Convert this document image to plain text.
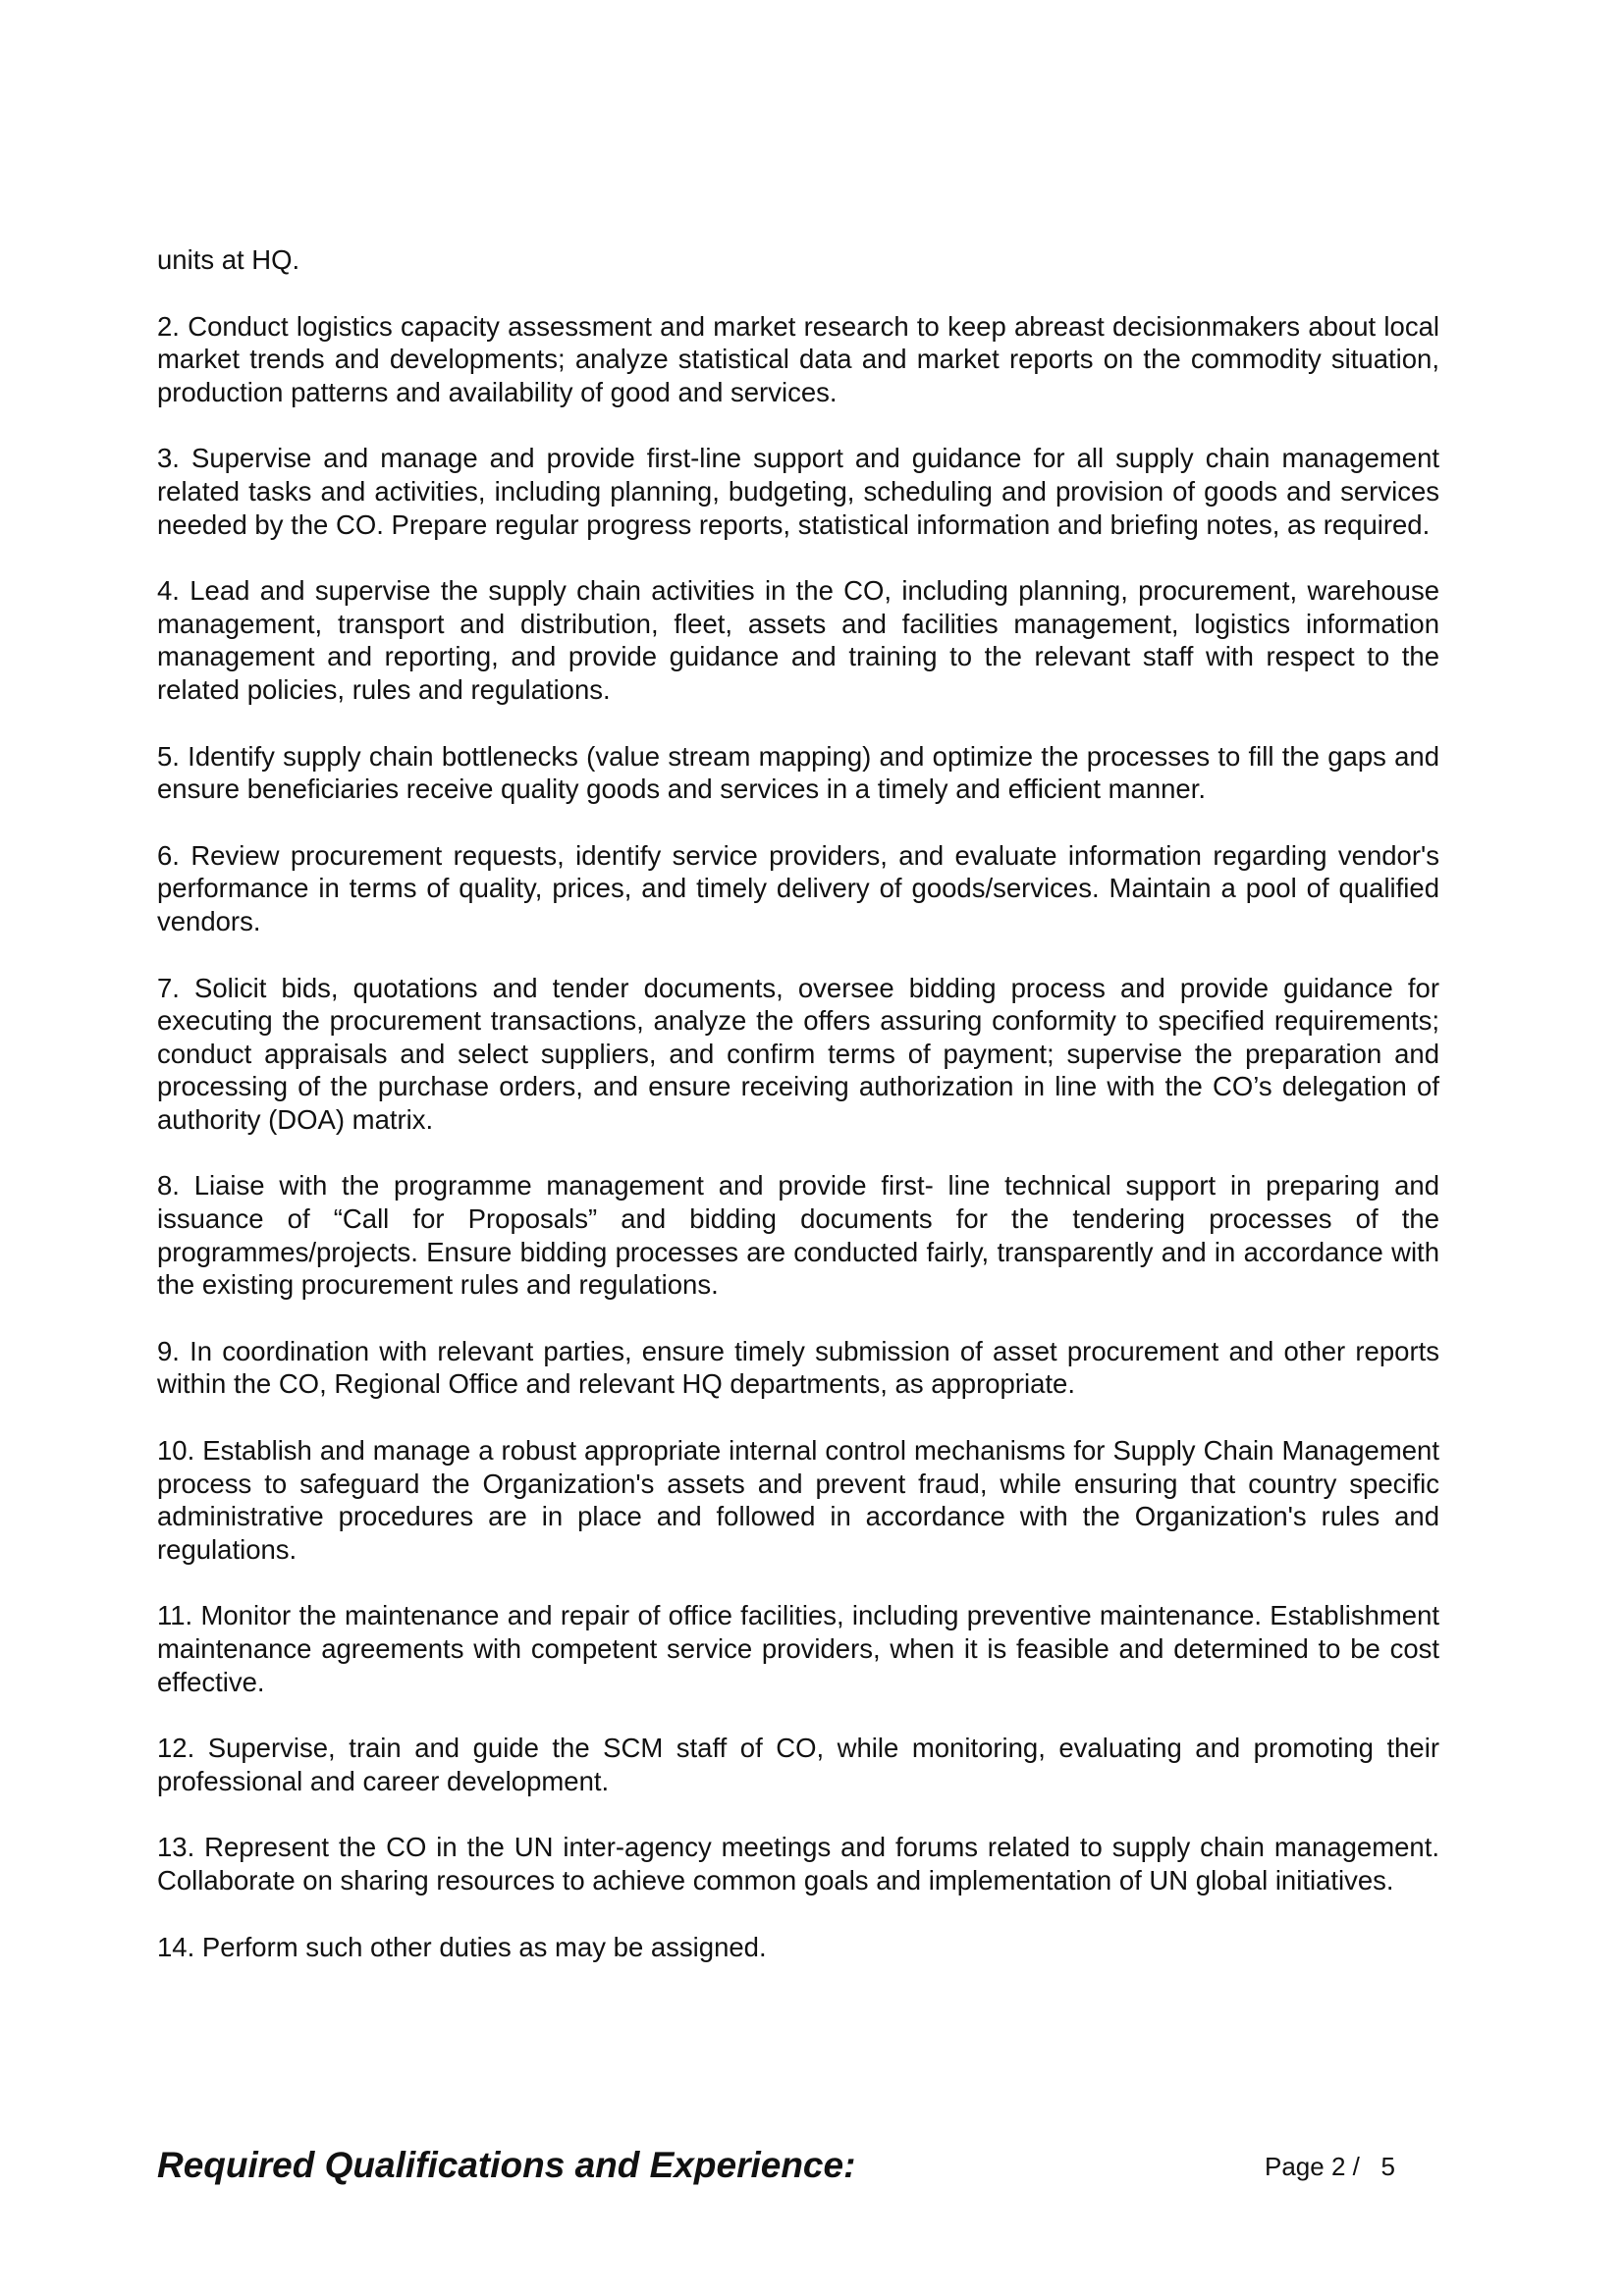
units at HQ.

2. Conduct logistics capacity assessment and market research to keep abreast decisionmakers about local market trends and developments; analyze statistical data and market reports on the commodity situation, production patterns and availability of good and services.

3. Supervise and manage and provide first-line support and guidance for all supply chain management related tasks and activities, including planning, budgeting, scheduling and provision of goods and services needed by the CO. Prepare regular progress reports, statistical information and briefing notes, as required.

4. Lead and supervise the supply chain activities in the CO, including planning, procurement, warehouse management, transport and distribution, fleet, assets and facilities management, logistics information management and reporting, and provide guidance and training to the relevant staff with respect to the related policies, rules and regulations.

5. Identify supply chain bottlenecks (value stream mapping) and optimize the processes to fill the gaps and ensure beneficiaries receive quality goods and services in a timely and efficient manner.

6. Review procurement requests, identify service providers, and evaluate information regarding vendor's performance in terms of quality, prices, and timely delivery of goods/services. Maintain a pool of qualified vendors.

7. Solicit bids, quotations and tender documents, oversee bidding process and provide guidance for executing the procurement transactions, analyze the offers assuring conformity to specified requirements; conduct appraisals and select suppliers, and confirm terms of payment; supervise the preparation and processing of the purchase orders, and ensure receiving authorization in line with the CO’s delegation of authority (DOA) matrix.

8. Liaise with the programme management and provide first- line technical support in preparing and issuance of “Call for Proposals” and bidding documents for the tendering processes of the programmes/projects. Ensure bidding processes are conducted fairly, transparently and in accordance with the existing procurement rules and regulations.

9. In coordination with relevant parties, ensure timely submission of asset procurement and other reports within the CO, Regional Office and relevant HQ departments, as appropriate.

10. Establish and manage a robust appropriate internal control mechanisms for Supply Chain Management process to safeguard the Organization's assets and prevent fraud, while ensuring that country specific administrative procedures are in place and followed in accordance with the Organization's rules and regulations.

11. Monitor the maintenance and repair of office facilities, including preventive maintenance. Establishment maintenance agreements with competent service providers, when it is feasible and determined to be cost effective.

12. Supervise, train and guide the SCM staff of CO, while monitoring, evaluating and promoting their professional and career development.

13. Represent the CO in the UN inter-agency meetings and forums related to supply chain management. Collaborate on sharing resources to achieve common goals and implementation of UN global initiatives.

14. Perform such other duties as may be assigned.

Required Qualifications and Experience:	Page 2 / 5
